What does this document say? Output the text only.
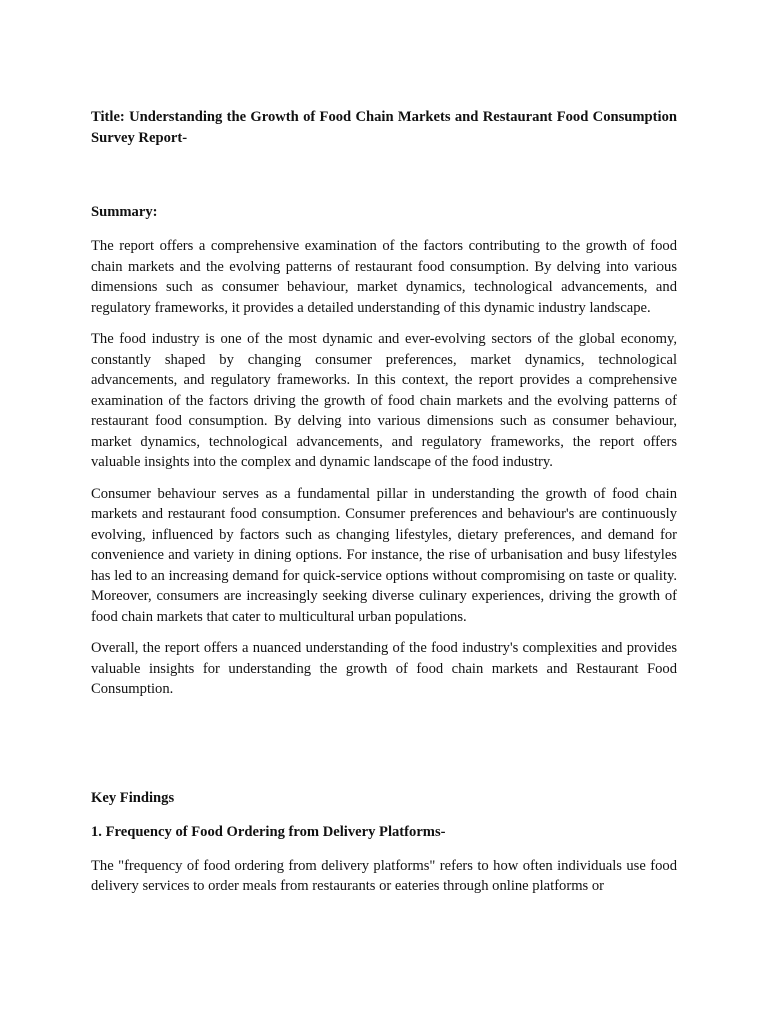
Title: Understanding the Growth of Food Chain Markets and Restaurant Food Consumption Survey Report-

Summary:

The report offers a comprehensive examination of the factors contributing to the growth of food chain markets and the evolving patterns of restaurant food consumption. By delving into various dimensions such as consumer behaviour, market dynamics, technological advancements, and regulatory frameworks, it provides a detailed understanding of this dynamic industry landscape.

The food industry is one of the most dynamic and ever-evolving sectors of the global economy, constantly shaped by changing consumer preferences, market dynamics, technological advancements, and regulatory frameworks. In this context, the report provides a comprehensive examination of the factors driving the growth of food chain markets and the evolving patterns of restaurant food consumption. By delving into various dimensions such as consumer behaviour, market dynamics, technological advancements, and regulatory frameworks, the report offers valuable insights into the complex and dynamic landscape of the food industry.

Consumer behaviour serves as a fundamental pillar in understanding the growth of food chain markets and restaurant food consumption. Consumer preferences and behaviour's are continuously evolving, influenced by factors such as changing lifestyles, dietary preferences, and demand for convenience and variety in dining options. For instance, the rise of urbanisation and busy lifestyles has led to an increasing demand for quick-service options without compromising on taste or quality. Moreover, consumers are increasingly seeking diverse culinary experiences, driving the growth of food chain markets that cater to multicultural urban populations.

Overall, the report offers a nuanced understanding of the food industry's complexities and provides valuable insights for understanding the growth of food chain markets and Restaurant Food Consumption.

Key Findings

1. Frequency of Food Ordering from Delivery Platforms-

The "frequency of food ordering from delivery platforms" refers to how often individuals use food delivery services to order meals from restaurants or eateries through online platforms or
